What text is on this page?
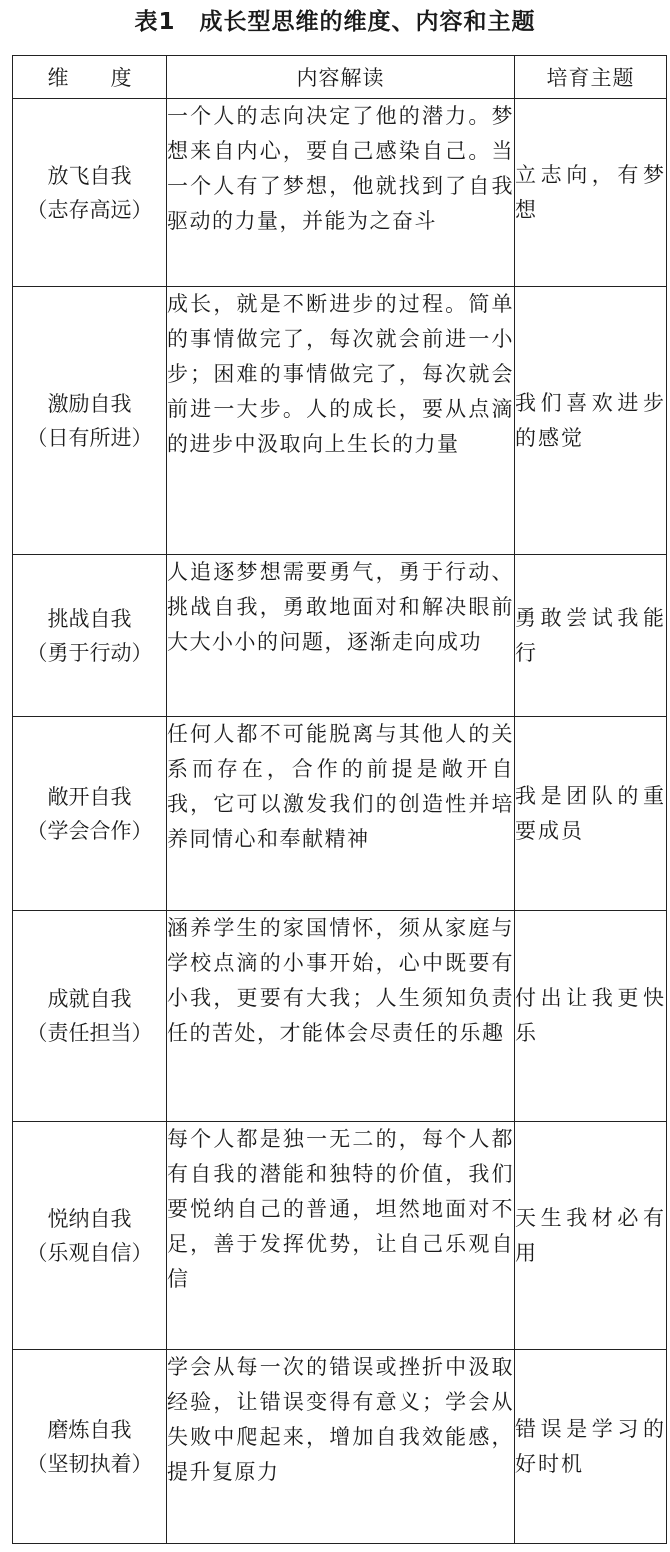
表1　成长型思维的维度、内容和主题
维 度	内容解读	培育主题

放飞自我
（志存高远）	一个人的志向决定了他的潜力。梦想来自内心，要自己感染自己。当一个人有了梦想，他就找到了自我驱动的力量，并能为之奋斗	立志向，有梦想

激励自我
（日有所进）	成长，就是不断进步的过程。简单的事情做完了，每次就会前进一小步；困难的事情做完了，每次就会前进一大步。人的成长，要从点滴的进步中汲取向上生长的力量	我们喜欢进步的感觉

挑战自我
（勇于行动）	人追逐梦想需要勇气，勇于行动、挑战自我，勇敢地面对和解决眼前大大小小的问题，逐渐走向成功	勇敢尝试我能行

敞开自我
（学会合作）	任何人都不可能脱离与其他人的关系而存在，合作的前提是敞开自我，它可以激发我们的创造性并培养同情心和奉献精神	我是团队的重要成员

成就自我
（责任担当）	涵养学生的家国情怀，须从家庭与学校点滴的小事开始，心中既要有小我，更要有大我；人生须知负责任的苦处，才能体会尽责任的乐趣	付出让我更快乐

悦纳自我
（乐观自信）	每个人都是独一无二的，每个人都有自我的潜能和独特的价值，我们要悦纳自己的普通，坦然地面对不足，善于发挥优势，让自己乐观自信	天生我材必有用

磨炼自我
（坚韧执着）	学会从每一次的错误或挫折中汲取经验，让错误变得有意义；学会从失败中爬起来，增加自我效能感，提升复原力	错误是学习的好时机
